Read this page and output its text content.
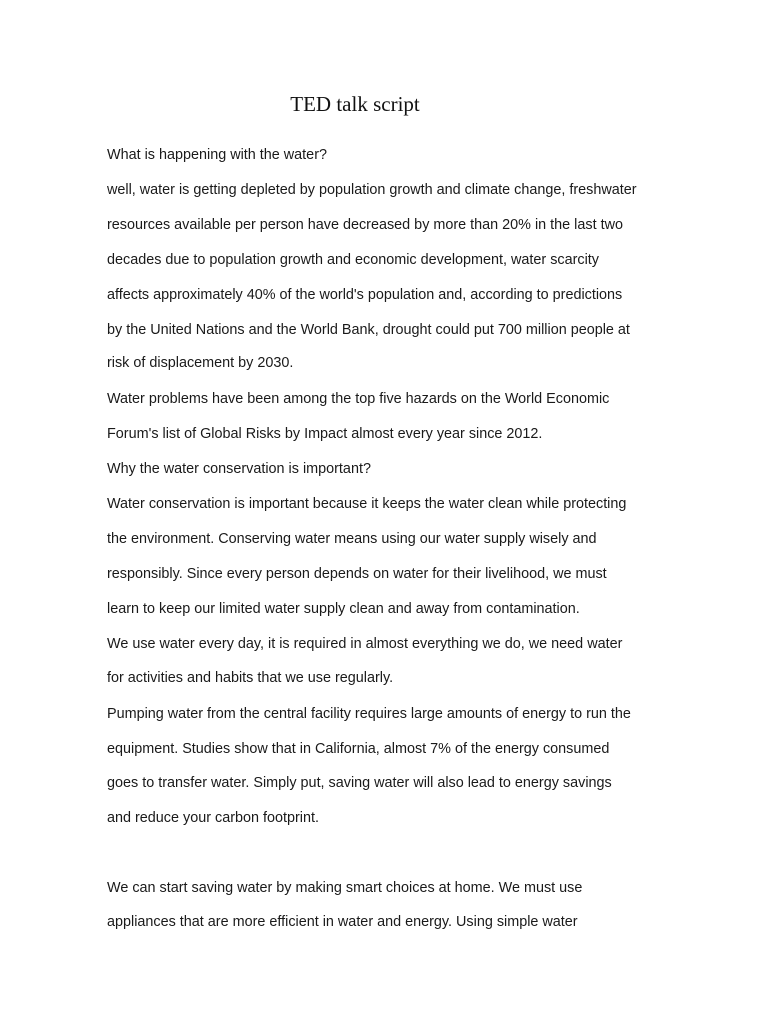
TED talk script
What is happening with the water?
well, water is getting depleted by population growth and climate change, freshwater
resources available per person have decreased by more than 20% in the last two
decades due to population growth and economic development, water scarcity
affects approximately 40% of the world's population and, according to predictions
by the United Nations and the World Bank, drought could put 700 million people at
risk of displacement by 2030.
Water problems have been among the top five hazards on the World Economic
Forum's list of Global Risks by Impact almost every year since 2012.
Why the water conservation is important?
Water conservation is important because it keeps the water clean while protecting
the environment. Conserving water means using our water supply wisely and
responsibly. Since every person depends on water for their livelihood, we must
learn to keep our limited water supply clean and away from contamination.
We use water every day, it is required in almost everything we do, we need water
for activities and habits that we use regularly.
Pumping water from the central facility requires large amounts of energy to run the
equipment. Studies show that in California, almost 7% of the energy consumed
goes to transfer water. Simply put, saving water will also lead to energy savings
and reduce your carbon footprint.
We can start saving water by making smart choices at home. We must use
appliances that are more efficient in water and energy. Using simple water
